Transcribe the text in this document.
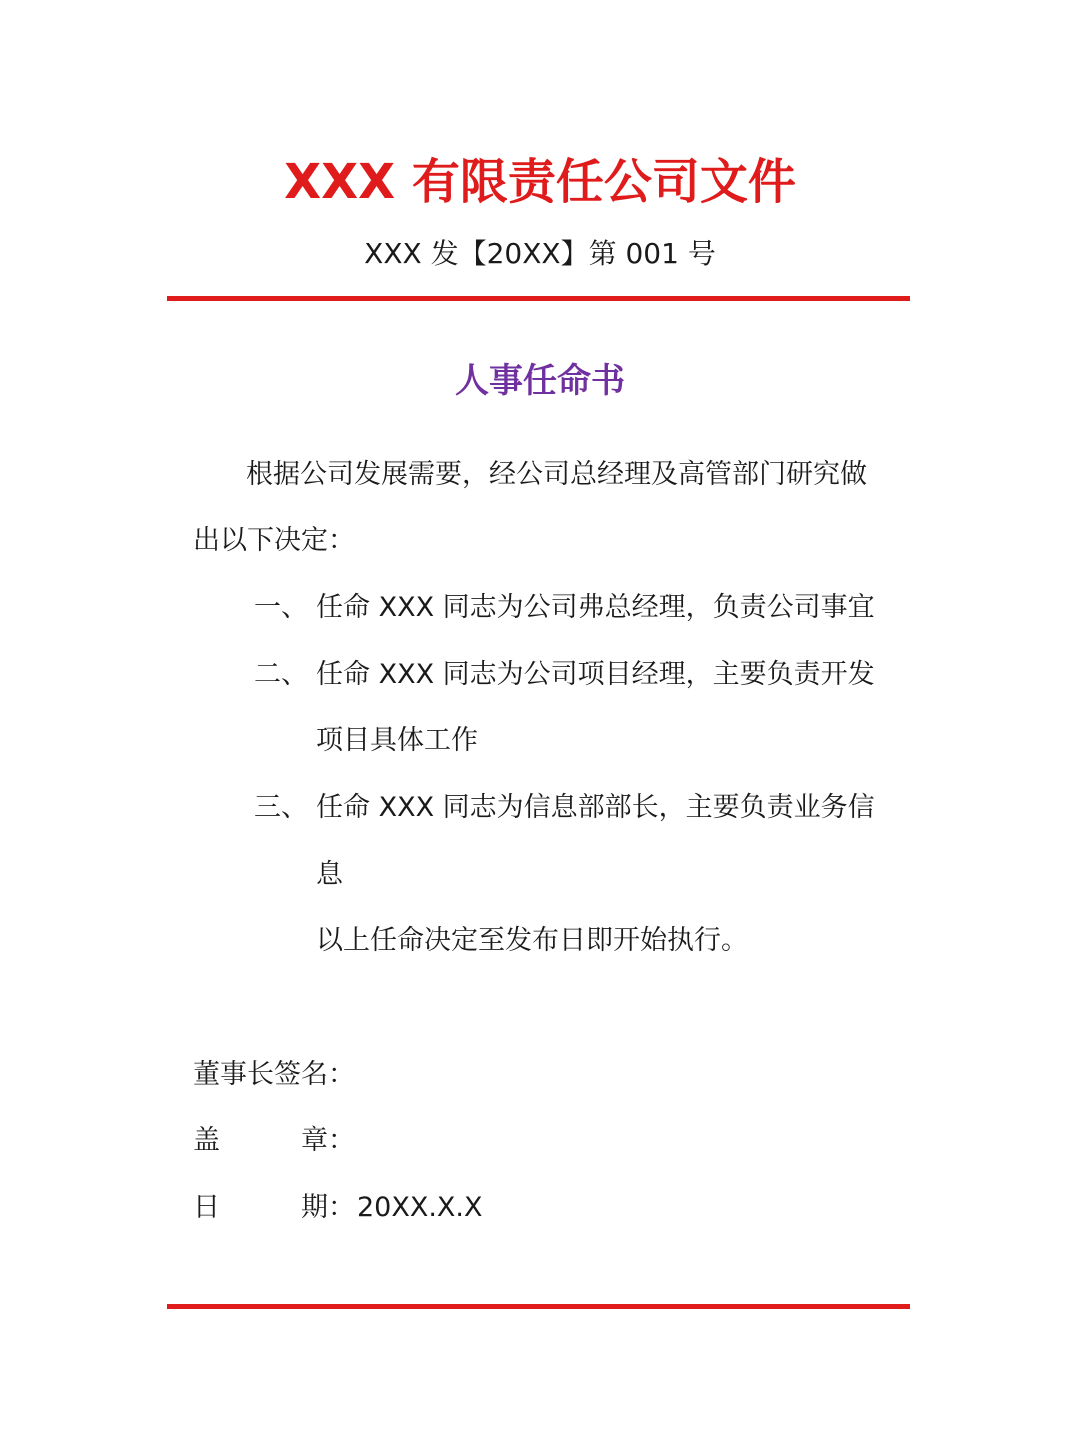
XXX 有限责任公司文件
XXX 发【20XX】第 001 号
人事任命书
根据公司发展需要，经公司总经理及高管部门研究做
出以下决定：
一、 任命 XXX 同志为公司弗总经理，负责公司事宜
二、 任命 XXX 同志为公司项目经理，主要负责开发
项目具体工作
三、 任命 XXX 同志为信息部部长，主要负责业务信
息
以上任命决定至发布日即开始执行。
董事长签名：
盖	章：
日	期： 20XX.X.X
